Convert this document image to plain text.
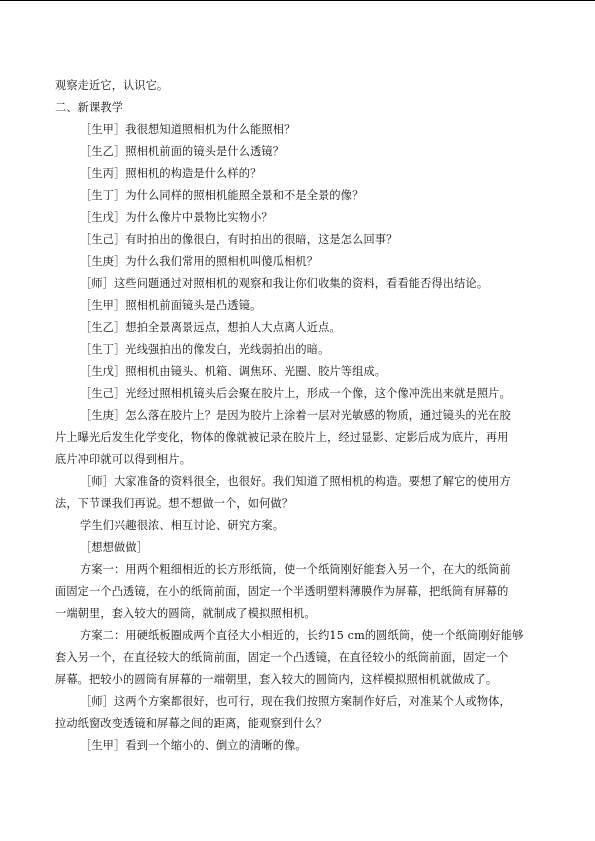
观察走近它，认识它。
二、新课教学
［生甲］我很想知道照相机为什么能照相？
［生乙］照相机前面的镜头是什么透镜？
［生丙］照相机的构造是什么样的？
［生丁］为什么同样的照相机能照全景和不是全景的像？
［生戊］为什么像片中景物比实物小？
［生己］有时拍出的像很白，有时拍出的很暗，这是怎么回事？
［生庚］为什么我们常用的照相机叫傻瓜相机？
［师］这些问题通过对照相机的观察和我让你们收集的资料，看看能否得出结论。
［生甲］照相机前面镜头是凸透镜。
［生乙］想拍全景离景远点，想拍人大点离人近点。
［生丁］光线强拍出的像发白，光线弱拍出的暗。
［生戊］照相机由镜头、机箱、调焦环、光圈、胶片等组成。
［生己］光经过照相机镜头后会聚在胶片上，形成一个像，这个像冲洗出来就是照片。
［生庚］怎么落在胶片上？是因为胶片上涂着一层对光敏感的物质，通过镜头的光在胶
片上曝光后发生化学变化，物体的像就被记录在胶片上，经过显影、定影后成为底片，再用
底片冲印就可以得到相片。
［师］大家准备的资料很全，也很好。我们知道了照相机的构造。要想了解它的使用方
法，下节课我们再说。想不想做一个，如何做？
学生们兴趣很浓、相互讨论、研究方案。
［想想做做］
方案一：用两个粗细相近的长方形纸筒，使一个纸筒刚好能套入另一个，在大的纸筒前
面固定一个凸透镜，在小的纸筒前面，固定一个半透明塑料薄膜作为屏幕，把纸筒有屏幕的
一端朝里，套入较大的圆筒，就制成了模拟照相机。
方案二：用硬纸板圈成两个直径大小相近的，长约15 cm的圆纸筒，使一个纸筒刚好能够
套入另一个，在直径较大的纸筒前面，固定一个凸透镜，在直径较小的纸筒前面，固定一个
屏幕。把较小的圆筒有屏幕的一端朝里，套入较大的圆筒内，这样模拟照相机就做成了。
［师］这两个方案都很好，也可行，现在我们按照方案制作好后，对准某个人或物体，
拉动纸窗改变透镜和屏幕之间的距离，能观察到什么？
［生甲］看到一个缩小的、倒立的清晰的像。
